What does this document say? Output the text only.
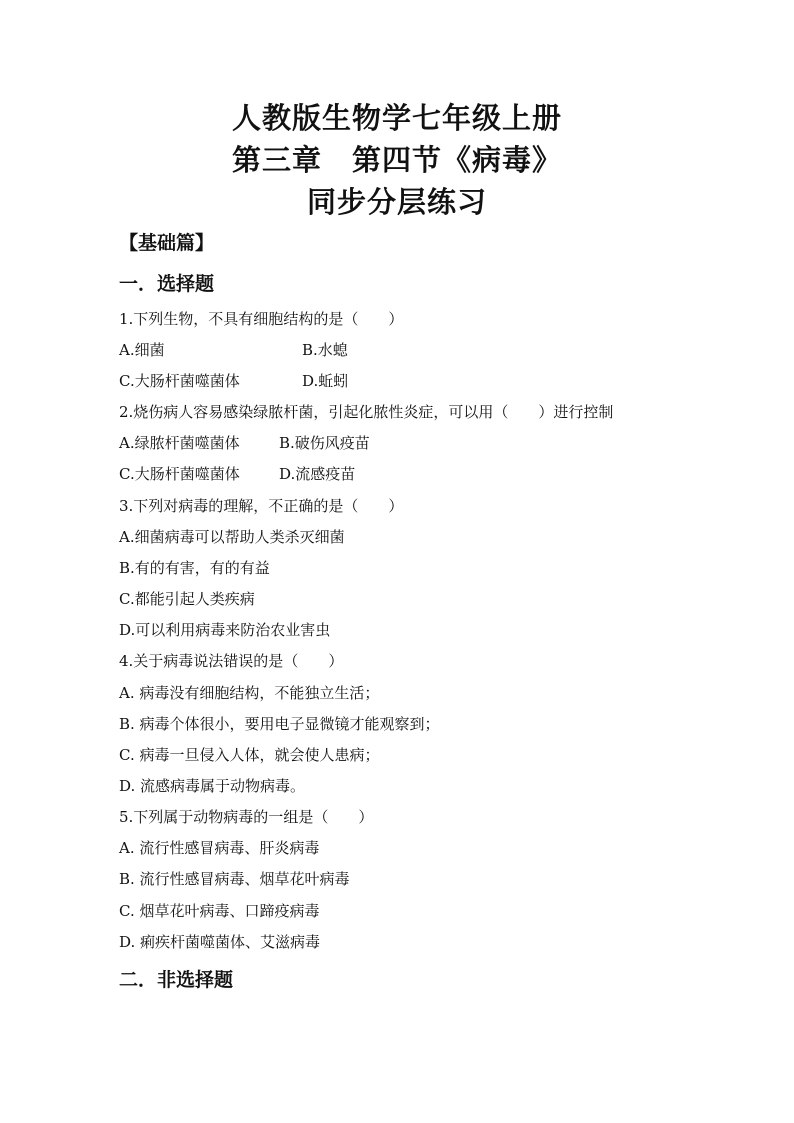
人教版生物学七年级上册
第三章　第四节《病毒》
同步分层练习
【基础篇】
一．选择题
1.下列生物，不具有细胞结构的是（　　）
A.细菌	B.水螅
C.大肠杆菌噬菌体	D.蚯蚓
2.烧伤病人容易感染绿脓杆菌，引起化脓性炎症，可以用（　　）进行控制
A.绿脓杆菌噬菌体	B.破伤风疫苗
C.大肠杆菌噬菌体	D.流感疫苗
3.下列对病毒的理解，不正确的是（　　）
A.细菌病毒可以帮助人类杀灭细菌
B.有的有害，有的有益
C.都能引起人类疾病
D.可以利用病毒来防治农业害虫
4.关于病毒说法错误的是（　　）
A. 病毒没有细胞结构，不能独立生活；
B. 病毒个体很小，要用电子显微镜才能观察到；
C. 病毒一旦侵入人体，就会使人患病；
D. 流感病毒属于动物病毒。
5.下列属于动物病毒的一组是（　　）
A. 流行性感冒病毒、肝炎病毒
B. 流行性感冒病毒、烟草花叶病毒
C. 烟草花叶病毒、口蹄疫病毒
D. 痢疾杆菌噬菌体、艾滋病毒
二．非选择题
